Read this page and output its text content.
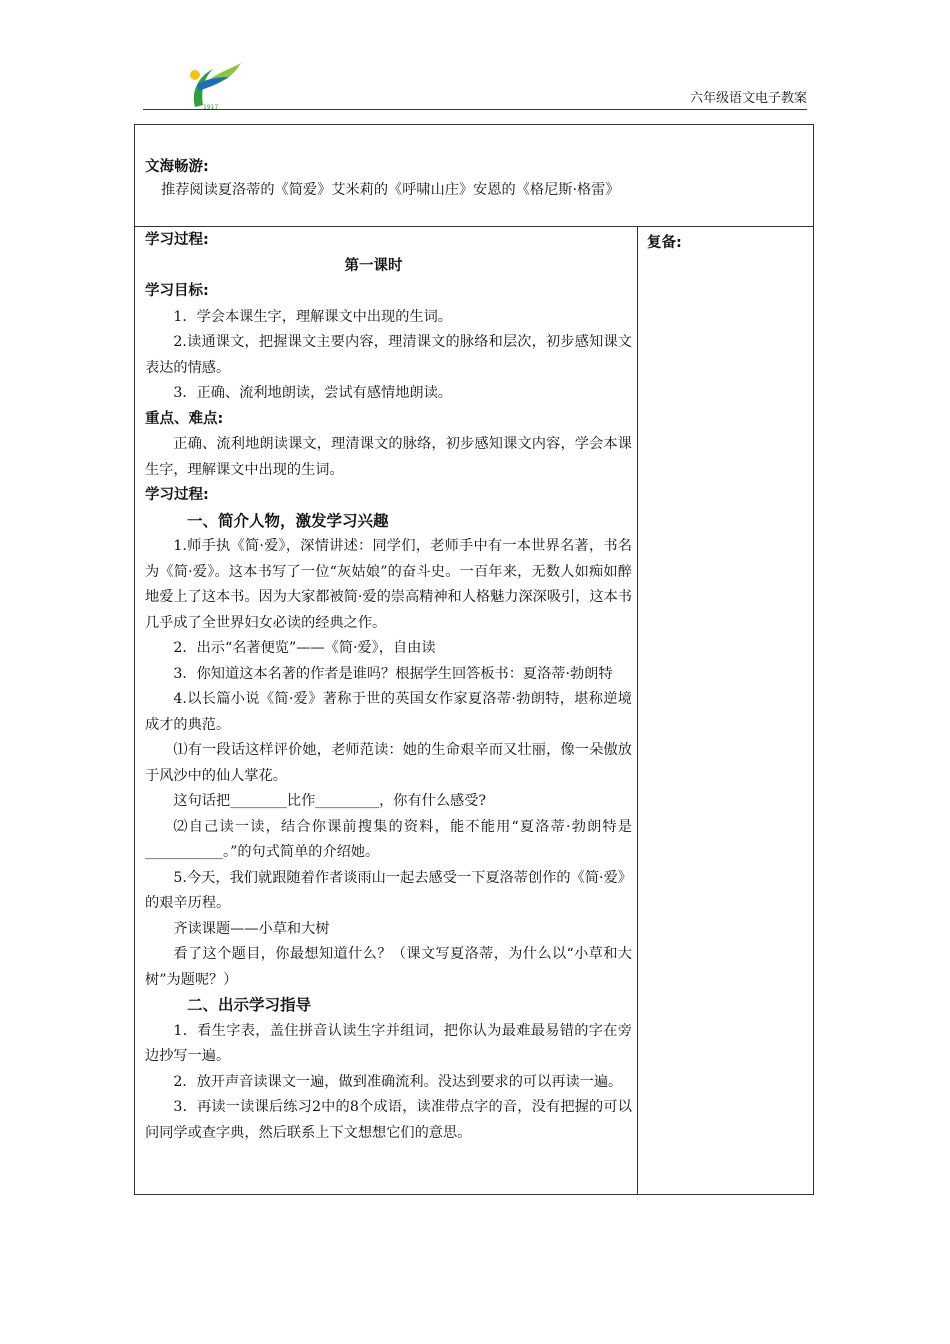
1917
六年级语文电子教案
文海畅游:
推荐阅读夏洛蒂的《简爱》艾米莉的《呼啸山庄》安恩的《格尼斯·格雷》
复备:
学习过程:
第一课时
学习目标:

1．学会本课生字，理解课文中出现的生词。

2.读通课文，把握课文主要内容，理清课文的脉络和层次，初步感知课文表达的情感。

3．正确、流利地朗读，尝试有感情地朗读。

重点、难点:

正确、流利地朗读课文，理清课文的脉络，初步感知课文内容，学会本课生字，理解课文中出现的生词。

学习过程:
一、简介人物，激发学习兴趣

1.师手执《简·爱》，深情讲述：同学们，老师手中有一本世界名著，书名为《简·爱》。这本书写了一位“灰姑娘”的奋斗史。一百年来，无数人如痴如醉地爱上了这本书。因为大家都被简·爱的崇高精神和人格魅力深深吸引，这本书几乎成了全世界妇女必读的经典之作。

2．出示“名著便览”——《简·爱》，自由读

3．你知道这本名著的作者是谁吗？根据学生回答板书：夏洛蒂·勃朗特

4.以长篇小说《简·爱》著称于世的英国女作家夏洛蒂·勃朗特，堪称逆境成才的典范。

⑴有一段话这样评价她，老师范读：她的生命艰辛而又壮丽，像一朵傲放于风沙中的仙人掌花。

这句话把________比作_________，你有什么感受?

⑵自己读一读，结合你课前搜集的资料，能不能用“夏洛蒂·勃朗特是___________。”的句式简单的介绍她。

5.今天，我们就跟随着作者谈雨山一起去感受一下夏洛蒂创作的《简·爱》的艰辛历程。

齐读课题——小草和大树

看了这个题目，你最想知道什么？（课文写夏洛蒂，为什么以“小草和大树”为题呢？）

二、出示学习指导

1．看生字表，盖住拼音认读生字并组词，把你认为最难最易错的字在旁边抄写一遍。

2．放开声音读课文一遍，做到准确流利。没达到要求的可以再读一遍。

3．再读一读课后练习2中的8个成语，读准带点字的音，没有把握的可以问同学或查字典，然后联系上下文想想它们的意思。
